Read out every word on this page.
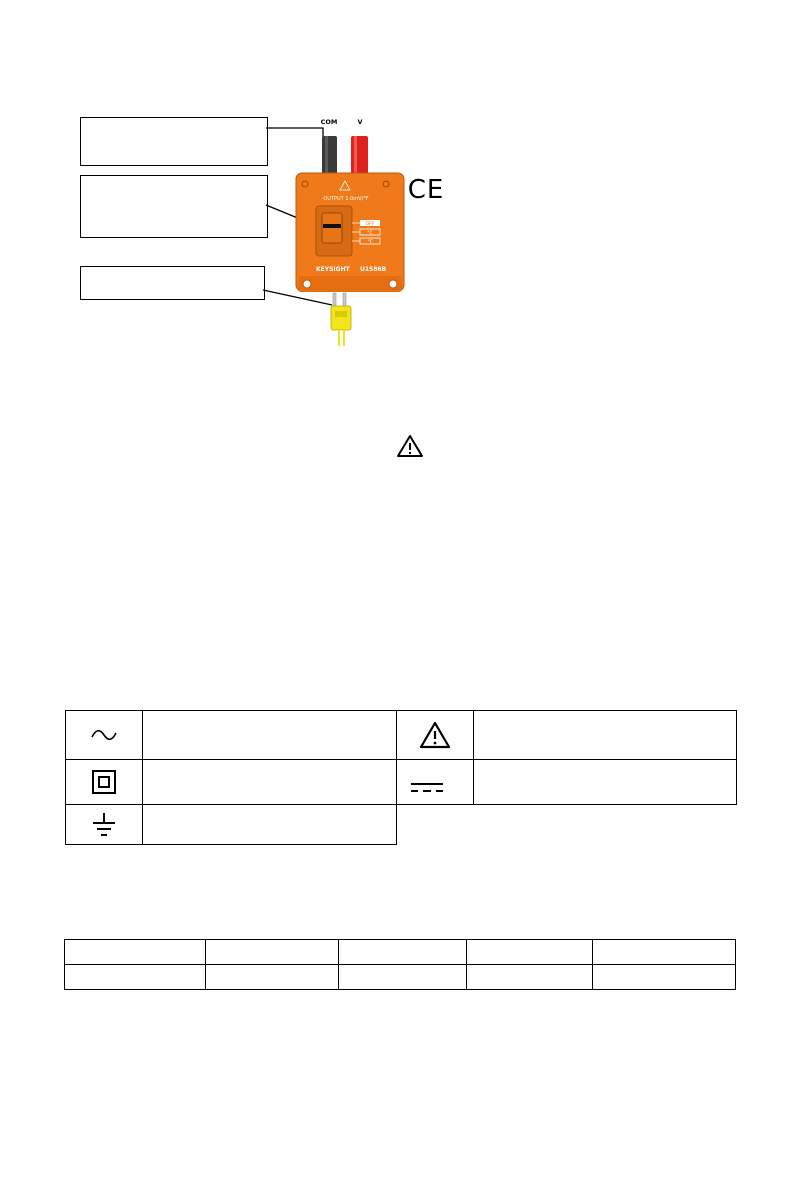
COM	V
OUTPUT 1.0mV/°F
OFF
°C
°F
KEYSIGHT U1586B
CE
